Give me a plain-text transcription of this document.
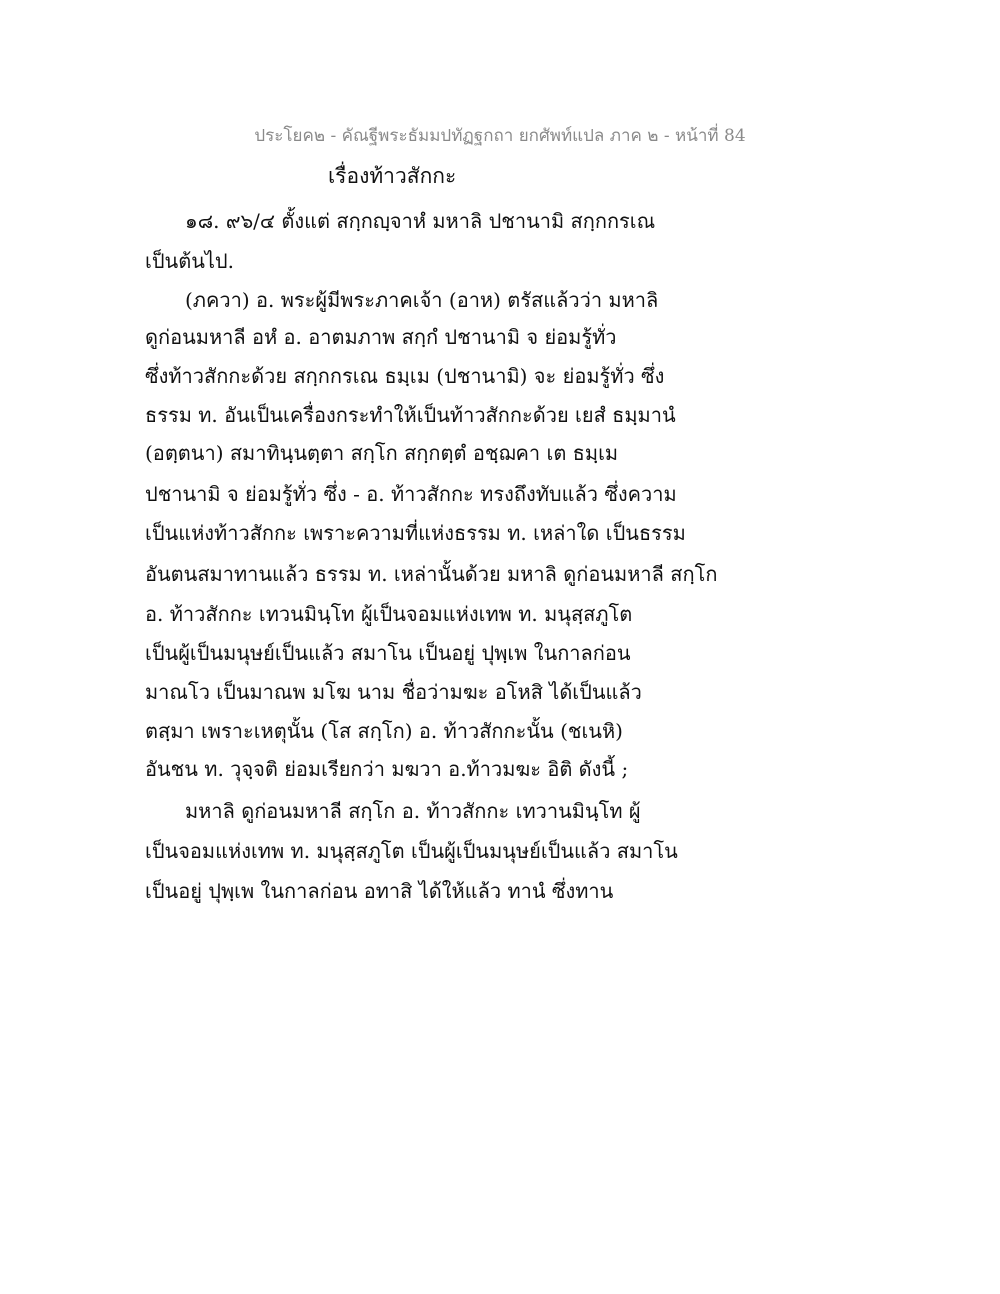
ประโยค๒ - คัณฐีพระธัมมปทัฏฐกถา ยกศัพท์แปล ภาค ๒ - หน้าที่ 84
เรื่องท้าวสักกะ
๑๘. ๙๖/๔ ตั้งแต่ สกฺกญฺจาหํ มหาลิ ปชานามิ สกฺกกรเณ
เป็นต้นไป.
(ภควา) อ. พระผู้มีพระภาคเจ้า (อาห) ตรัสแล้วว่า มหาลิ
ดูก่อนมหาลี อหํ อ. อาตมภาพ สกฺกํ ปชานามิ จ ย่อมรู้ทั่ว
ซึ่งท้าวสักกะด้วย สกฺกกรเณ ธมฺเม (ปชานามิ) จะ ย่อมรู้ทั่ว ซึ่ง
ธรรม ท. อันเป็นเครื่องกระทำให้เป็นท้าวสักกะด้วย เยสํ ธมฺมานํ
(อตฺตนา) สมาทินฺนตฺตา สกฺโก สกฺกตฺตํ อชฺฌคา เต ธมฺเม
ปชานามิ จ ย่อมรู้ทั่ว ซึ่ง - อ. ท้าวสักกะ ทรงถึงทับแล้ว ซึ่งความ
เป็นแห่งท้าวสักกะ เพราะความที่แห่งธรรม ท. เหล่าใด เป็นธรรม
อันตนสมาทานแล้ว ธรรม ท. เหล่านั้นด้วย มหาลิ ดูก่อนมหาลี สกฺโก
อ. ท้าวสักกะ เทวนมินฺโท ผู้เป็นจอมแห่งเทพ ท. มนุสฺสภูโต
เป็นผู้เป็นมนุษย์เป็นแล้ว สมาโน เป็นอยู่ ปุพฺเพ ในกาลก่อน
มาณโว เป็นมาณพ มโฆ นาม ชื่อว่ามฆะ อโหสิ ได้เป็นแล้ว
ตสฺมา เพราะเหตุนั้น (โส สกฺโก) อ. ท้าวสักกะนั้น (ชเนหิ)
อันชน ท. วุจฺจติ ย่อมเรียกว่า มฆวา อ.ท้าวมฆะ อิติ ดังนี้ ;
มหาลิ ดูก่อนมหาลี สกฺโก อ. ท้าวสักกะ เทวานมินฺโท ผู้
เป็นจอมแห่งเทพ ท. มนุสฺสภูโต เป็นผู้เป็นมนุษย์เป็นแล้ว สมาโน
เป็นอยู่ ปุพฺเพ ในกาลก่อน อทาสิ ได้ให้แล้ว ทานํ ซึ่งทาน
